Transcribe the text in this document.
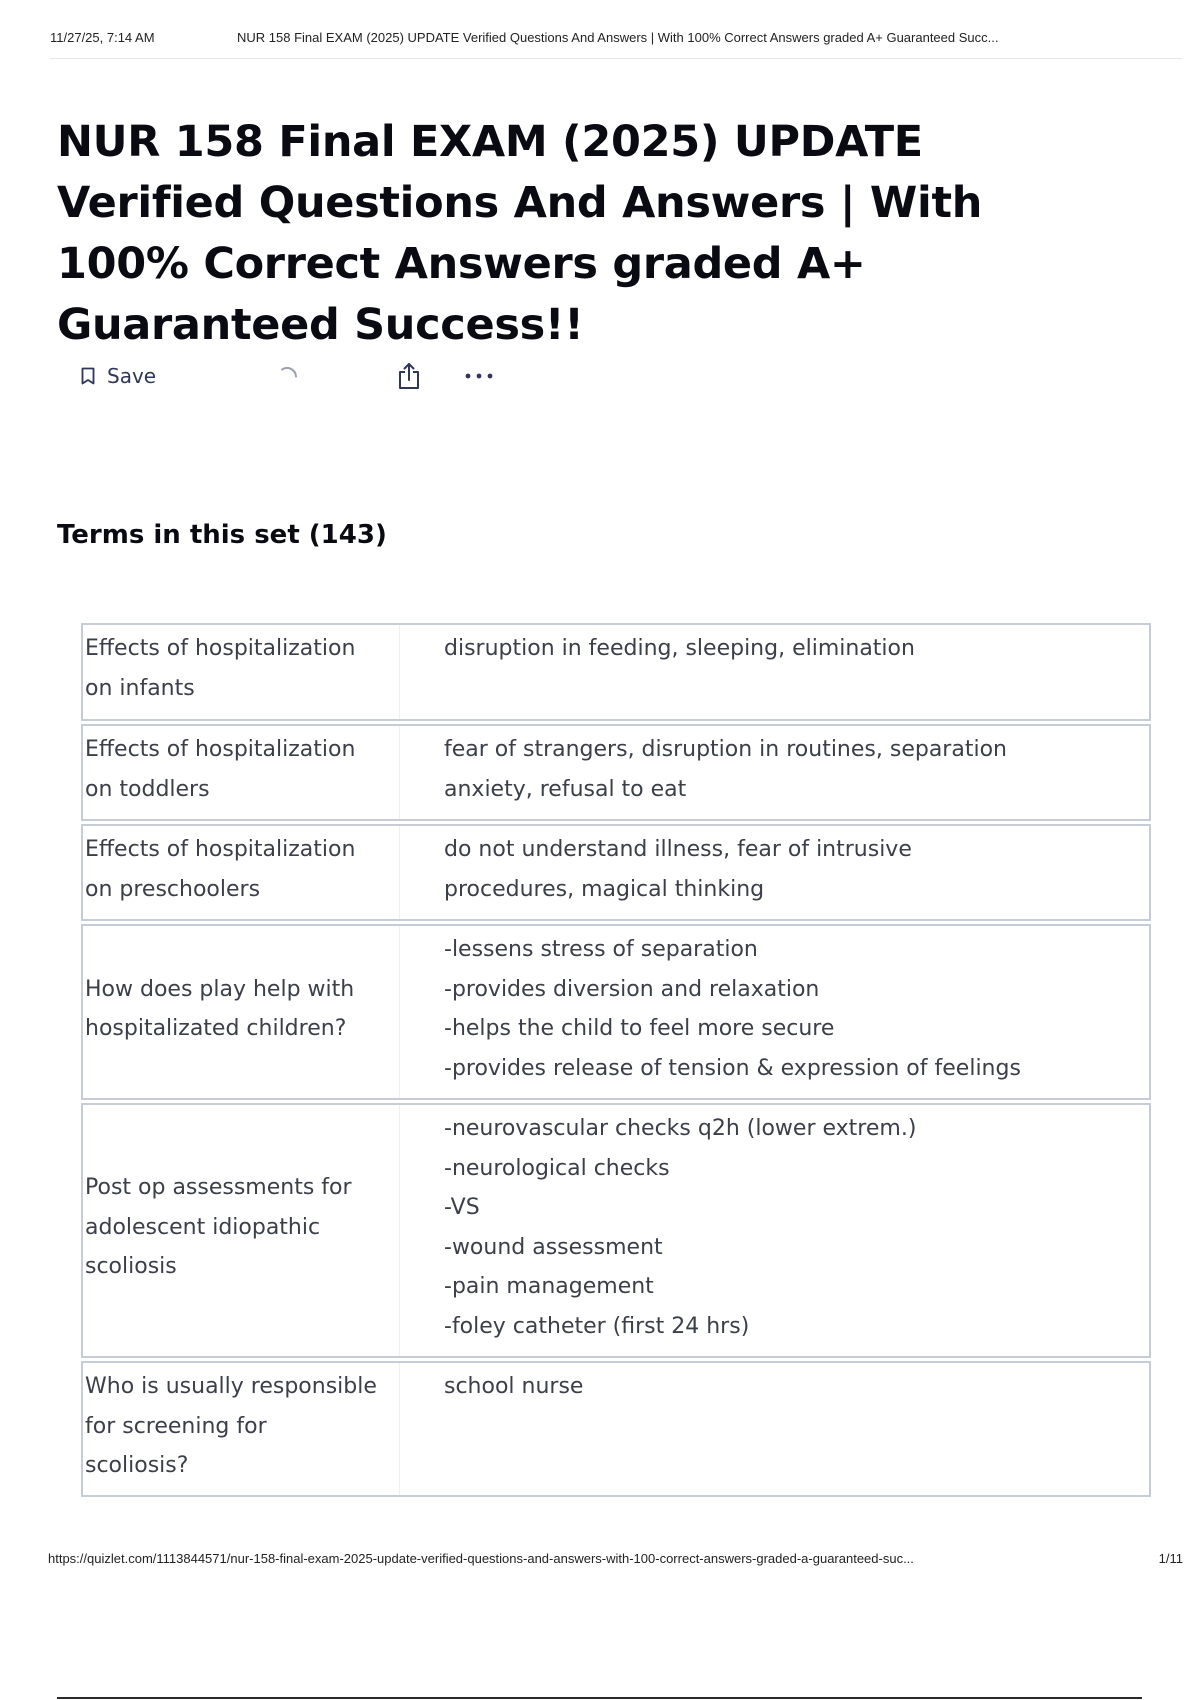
11/27/25, 7:14 AM	NUR 158 Final EXAM (2025) UPDATE Verified Questions And Answers | With 100% Correct Answers graded A+ Guaranteed Succ...
NUR 158 Final EXAM (2025) UPDATE Verified Questions And Answers | With 100% Correct Answers graded A+ Guaranteed Success!!
Save
Terms in this set (143)
Effects of hospitalization
on infants
disruption in feeding, sleeping, elimination
Effects of hospitalization
on toddlers
fear of strangers, disruption in routines, separation
anxiety, refusal to eat
Effects of hospitalization
on preschoolers
do not understand illness, fear of intrusive
procedures, magical thinking
How does play help with
hospitalizated children?
-lessens stress of separation
-provides diversion and relaxation
-helps the child to feel more secure
-provides release of tension & expression of feelings
Post op assessments for
adolescent idiopathic
scoliosis
-neurovascular checks q2h (lower extrem.)
-neurological checks
-VS
-wound assessment
-pain management
-foley catheter (first 24 hrs)
Who is usually responsible
for screening for
scoliosis?
school nurse
https://quizlet.com/1113844571/nur-158-final-exam-2025-update-verified-questions-and-answers-with-100-correct-answers-graded-a-guaranteed-suc...	1/11
